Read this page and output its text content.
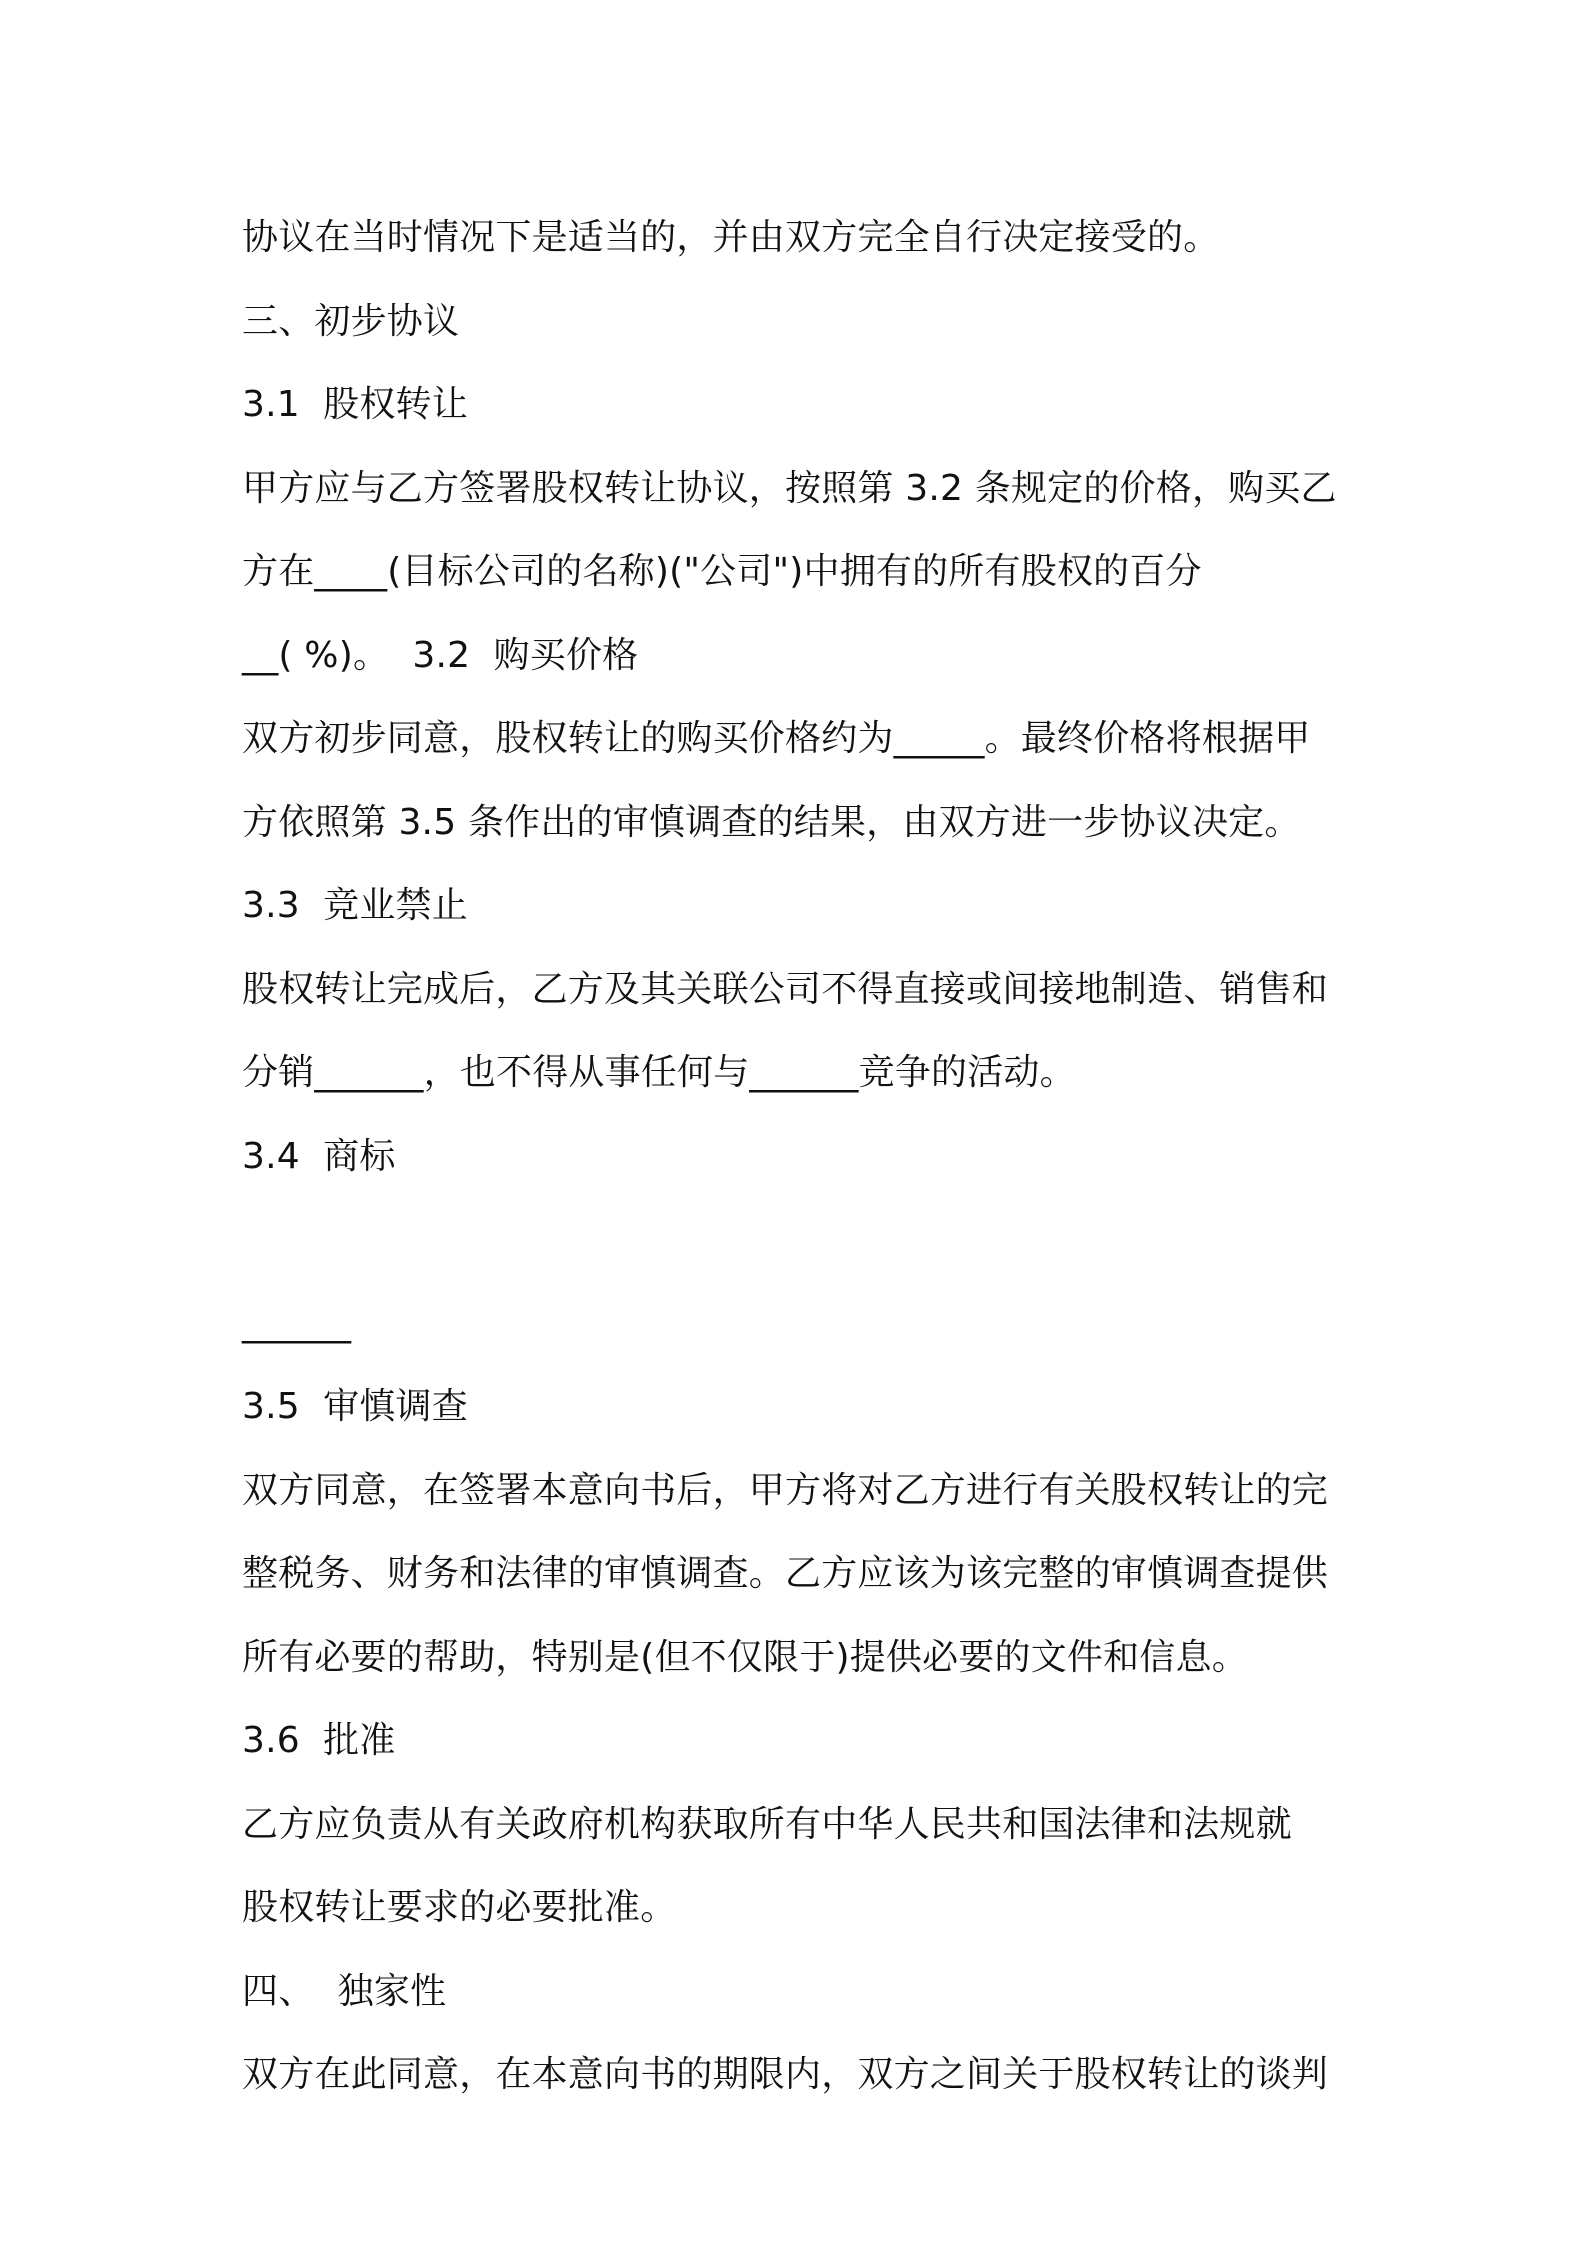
协议在当时情况下是适当的，并由双方完全自行决定接受的。
三、初步协议
3.1  股权转让
甲方应与乙方签署股权转让协议，按照第 3.2 条规定的价格，购买乙
方在____(目标公司的名称)("公司")中拥有的所有股权的百分
__( %)。  3.2  购买价格
双方初步同意，股权转让的购买价格约为_____。最终价格将根据甲
方依照第 3.5 条作出的审慎调查的结果，由双方进一步协议决定。
3.3  竞业禁止
股权转让完成后，乙方及其关联公司不得直接或间接地制造、销售和
分销______，也不得从事任何与______竞争的活动。
3.4  商标
______
3.5  审慎调查
双方同意，在签署本意向书后，甲方将对乙方进行有关股权转让的完
整税务、财务和法律的审慎调查。乙方应该为该完整的审慎调查提供
所有必要的帮助，特别是(但不仅限于)提供必要的文件和信息。
3.6  批准
乙方应负责从有关政府机构获取所有中华人民共和国法律和法规就
股权转让要求的必要批准。
四、  独家性
双方在此同意，在本意向书的期限内，双方之间关于股权转让的谈判
